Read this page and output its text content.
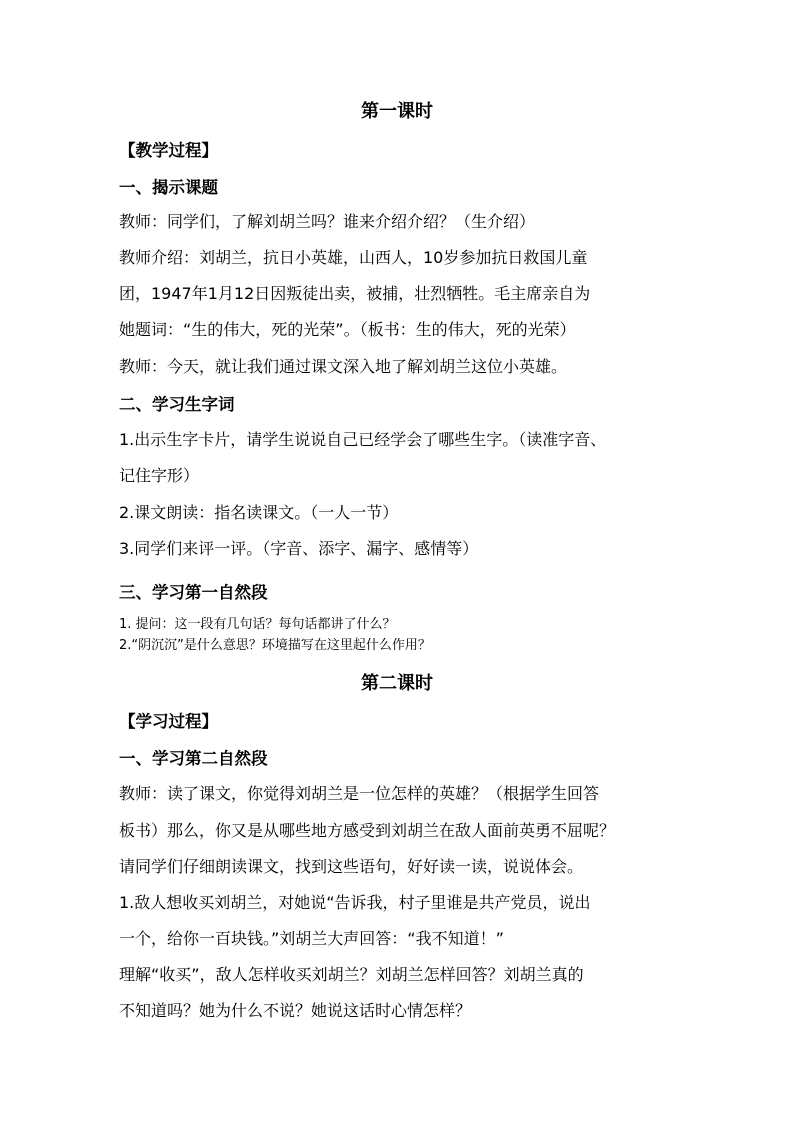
第一课时
【教学过程】
一、揭示课题
教师：同学们，了解刘胡兰吗？谁来介绍介绍？（生介绍）
教师介绍：刘胡兰，抗日小英雄，山西人，10岁参加抗日救国儿童
团，1947年1月12日因叛徒出卖，被捕，壮烈牺牲。毛主席亲自为
她题词：“生的伟大，死的光荣”。（板书：生的伟大，死的光荣）
教师：今天，就让我们通过课文深入地了解刘胡兰这位小英雄。
二、学习生字词
1.出示生字卡片，请学生说说自己已经学会了哪些生字。（读准字音、
记住字形）
2.课文朗读：指名读课文。（一人一节）
3.同学们来评一评。（字音、添字、漏字、感情等）
三、学习第一自然段
1. 提问：这一段有几句话？每句话都讲了什么？
2.“阴沉沉”是什么意思？环境描写在这里起什么作用？
第二课时
【学习过程】
一、学习第二自然段
教师：读了课文，你觉得刘胡兰是一位怎样的英雄？（根据学生回答
板书）那么，你又是从哪些地方感受到刘胡兰在敌人面前英勇不屈呢？
请同学们仔细朗读课文，找到这些语句，好好读一读，说说体会。
1.敌人想收买刘胡兰，对她说“告诉我，村子里谁是共产党员，说出
一个，给你一百块钱。”刘胡兰大声回答：“我不知道！”
理解“收买”，敌人怎样收买刘胡兰？刘胡兰怎样回答？刘胡兰真的
不知道吗？她为什么不说？她说这话时心情怎样？
